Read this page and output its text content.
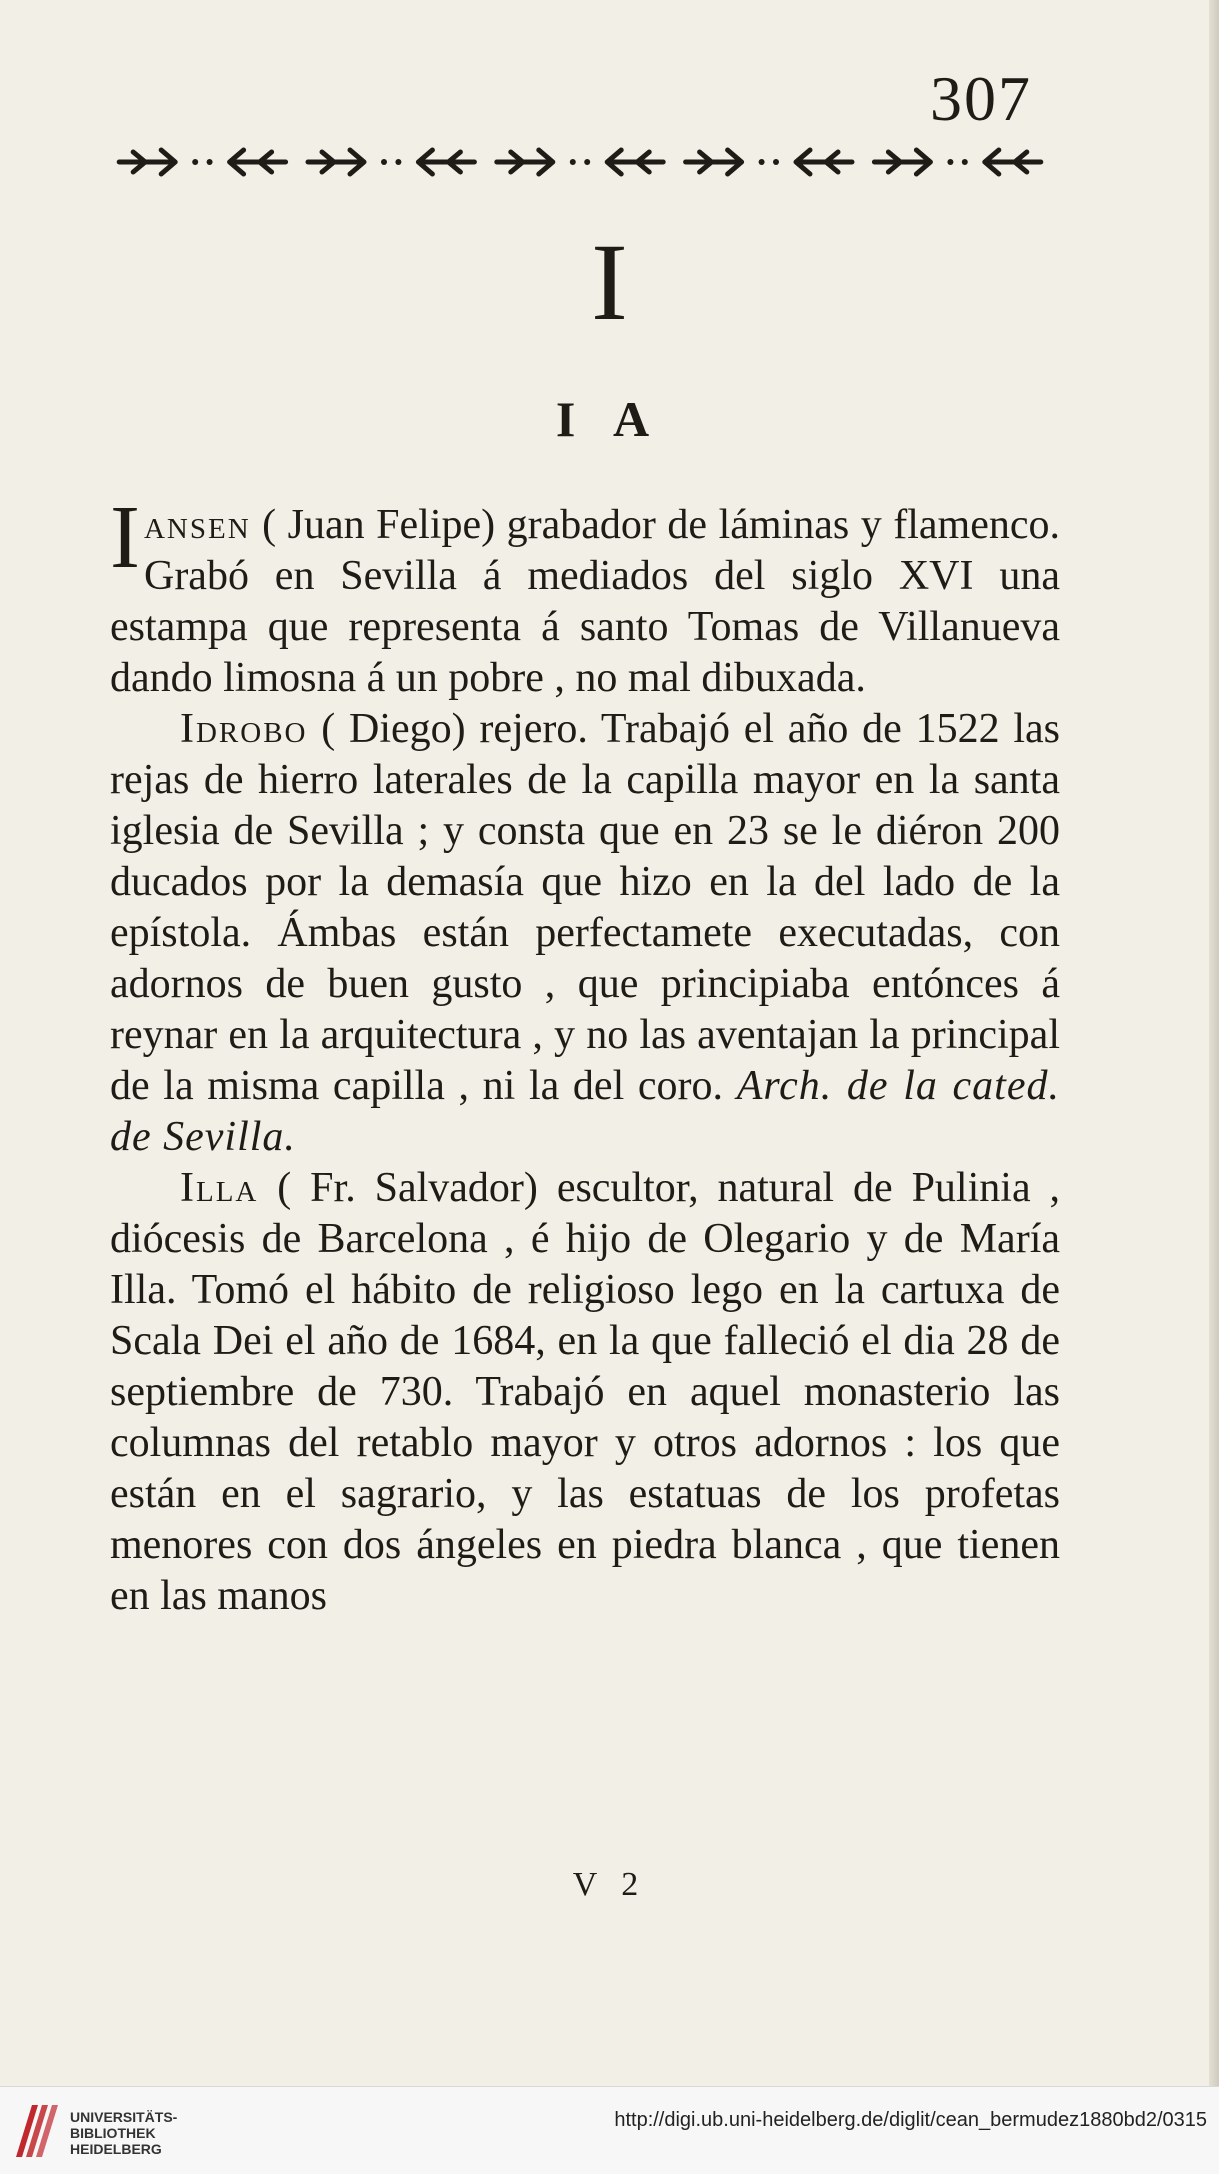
307
I
I A

Iansen ( Juan Felipe) grabador de láminas y flamenco. Grabó en Sevilla á mediados del siglo XVI una estampa que representa á santo Tomas de Villanueva dando limosna á un pobre , no mal dibuxada.

Idrobo ( Diego) rejero. Trabajó el año de 1522 las rejas de hierro laterales de la capilla mayor en la santa iglesia de Sevilla ; y consta que en 23 se le diéron 200 ducados por la demasía que hizo en la del lado de la epístola. Ámbas están perfectamete executadas, con adornos de buen gusto , que principiaba entónces á reynar en la arquitectura , y no las aventajan la principal de la misma capilla , ni la del coro. Arch. de la cated. de Sevilla.

Illa ( Fr. Salvador) escultor, natural de Pulinia , diócesis de Barcelona , é hijo de Olegario y de María Illa. Tomó el hábito de religioso lego en la cartuxa de Scala Dei el año de 1684, en la que falleció el dia 28 de septiembre de 730. Trabajó en aquel monasterio las columnas del retablo mayor y otros adornos : los que están en el sagrario, y las estatuas de los profetas menores con dos ángeles en piedra blanca , que tienen en las manos

V 2
UNIVERSITÄTS-
BIBLIOTHEK
HEIDELBERG
http://digi.ub.uni-heidelberg.de/diglit/cean_bermudez1880bd2/0315
